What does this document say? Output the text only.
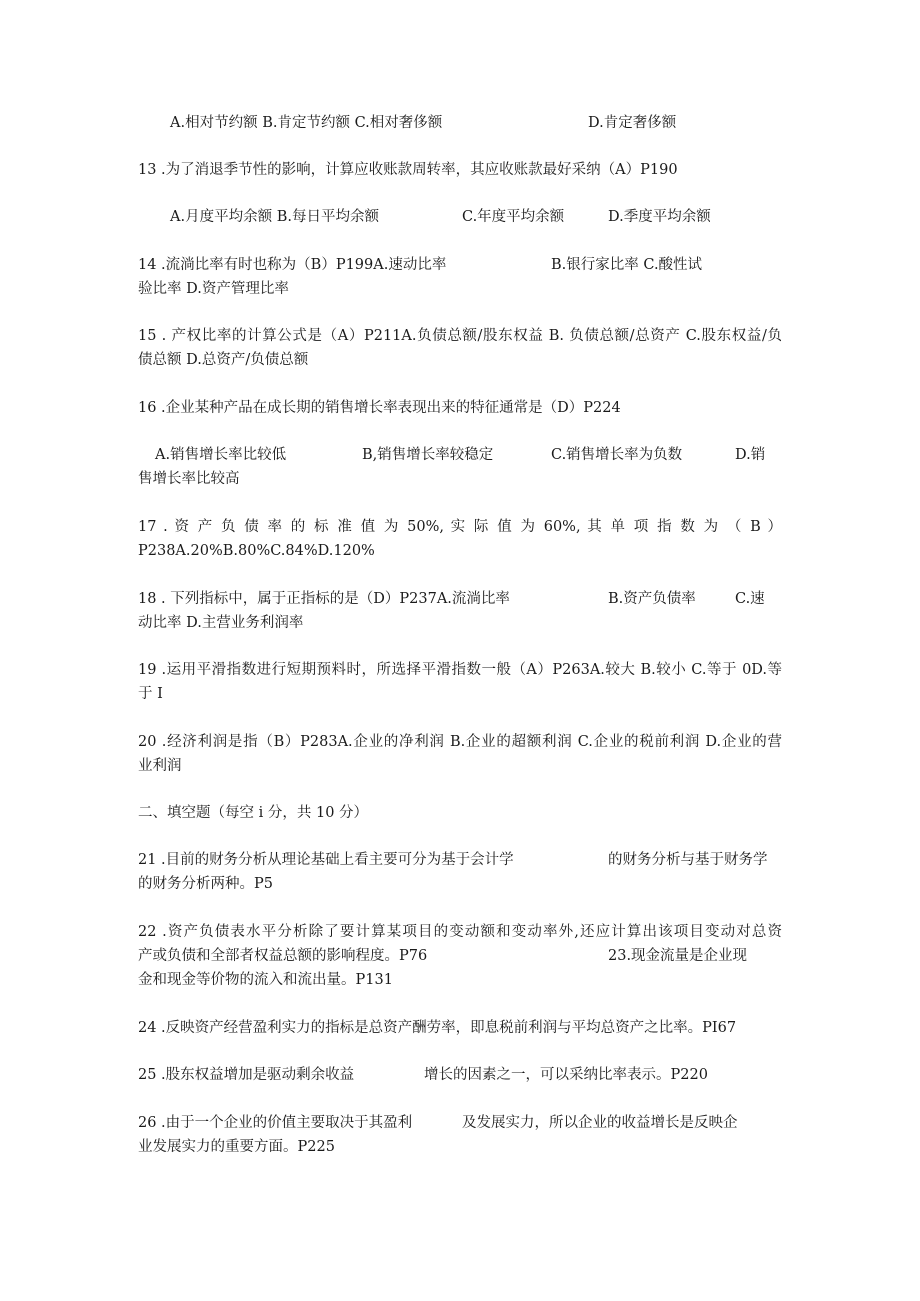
A.相对节约额 B.肯定节约额 C.相对奢侈额	D.肯定奢侈额
13 .为了消退季节性的影响，计算应收账款周转率，其应收账款最好采纳（A）P190
A.月度平均余额 B.每日平均余额	C.年度平均余额	D.季度平均余额
14 .流淌比率有时也称为（B）P199A.速动比率	B.银行家比率 C.酸性试
验比率 D.资产管理比率
15 . 产权比率的计算公式是（A）P211A.负债总额/股东权益 B. 负债总额/总资产 C.股东权益/负
债总额 D.总资产/负债总额
16 .企业某种产品在成长期的销售增长率表现出来的特征通常是（D）P224
A.销售增长率比较低	B,销售增长率较稳定	C.销售增长率为负数	D.销
售增长率比较高
17 . 资 产 负 债 率 的 标 准 值 为 50%, 实 际 值 为 60%, 其 单 项 指 数 为 （ B ）
P238A.20%B.80%C.84%D.120%
18 . 下列指标中，属于正指标的是（D）P237A.流淌比率	B.资产负债率	C.速
动比率 D.主营业务利润率
19 .运用平滑指数进行短期预料时，所选择平滑指数一般（A）P263A.较大 B.较小 C.等于 0D.等
于 I
20 .经济利润是指（B）P283A.企业的净利润 B.企业的超额利润 C.企业的税前利润 D.企业的营
业利润
二、填空题（每空 i 分，共 10 分）
21 .目前的财务分析从理论基础上看主要可分为基于会计学	的财务分析与基于财务学
的财务分析两种。P5
22 .资产负债表水平分析除了要计算某项目的变动额和变动率外,还应计算出该项目变动对总资
产或负债和全部者权益总额的影响程度。P76	23.现金流量是企业现
金和现金等价物的流入和流出量。P131
24 .反映资产经营盈利实力的指标是总资产酬劳率，即息税前利润与平均总资产之比率。PI67
25 .股东权益增加是驱动剩余收益	增长的因素之一，可以采纳比率表示。P220
26 .由于一个企业的价值主要取决于其盈利	及发展实力，所以企业的收益增长是反映企
业发展实力的重要方面。P225
